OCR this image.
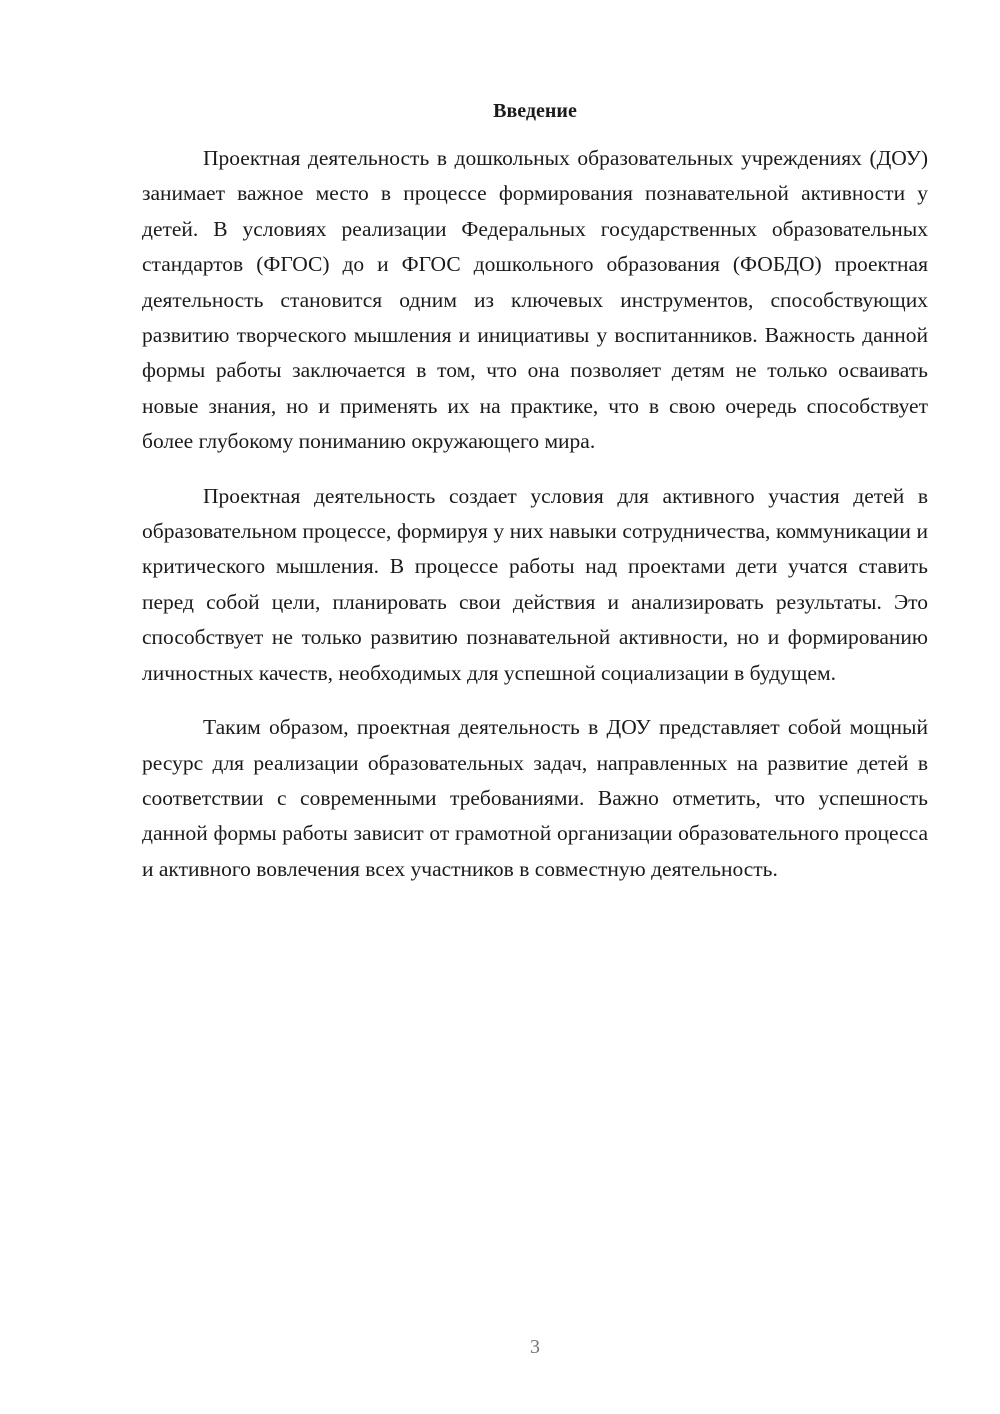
Введение

Проектная деятельность в дошкольных образовательных учреждениях (ДОУ) занимает важное место в процессе формирования познавательной активности у детей. В условиях реализации Федеральных государственных образовательных стандартов (ФГОС) до и ФГОС дошкольного образования (ФОБДО) проектная деятельность становится одним из ключевых инструментов, способствующих развитию творческого мышления и инициативы у воспитанников. Важность данной формы работы заключается в том, что она позволяет детям не только осваивать новые знания, но и применять их на практике, что в свою очередь способствует более глубокому пониманию окружающего мира.

Проектная деятельность создает условия для активного участия детей в образовательном процессе, формируя у них навыки сотрудничества, коммуникации и критического мышления. В процессе работы над проектами дети учатся ставить перед собой цели, планировать свои действия и анализировать результаты. Это способствует не только развитию познавательной активности, но и формированию личностных качеств, необходимых для успешной социализации в будущем.

Таким образом, проектная деятельность в ДОУ представляет собой мощный ресурс для реализации образовательных задач, направленных на развитие детей в соответствии с современными требованиями. Важно отметить, что успешность данной формы работы зависит от грамотной организации образовательного процесса и активного вовлечения всех участников в совместную деятельность.

3
